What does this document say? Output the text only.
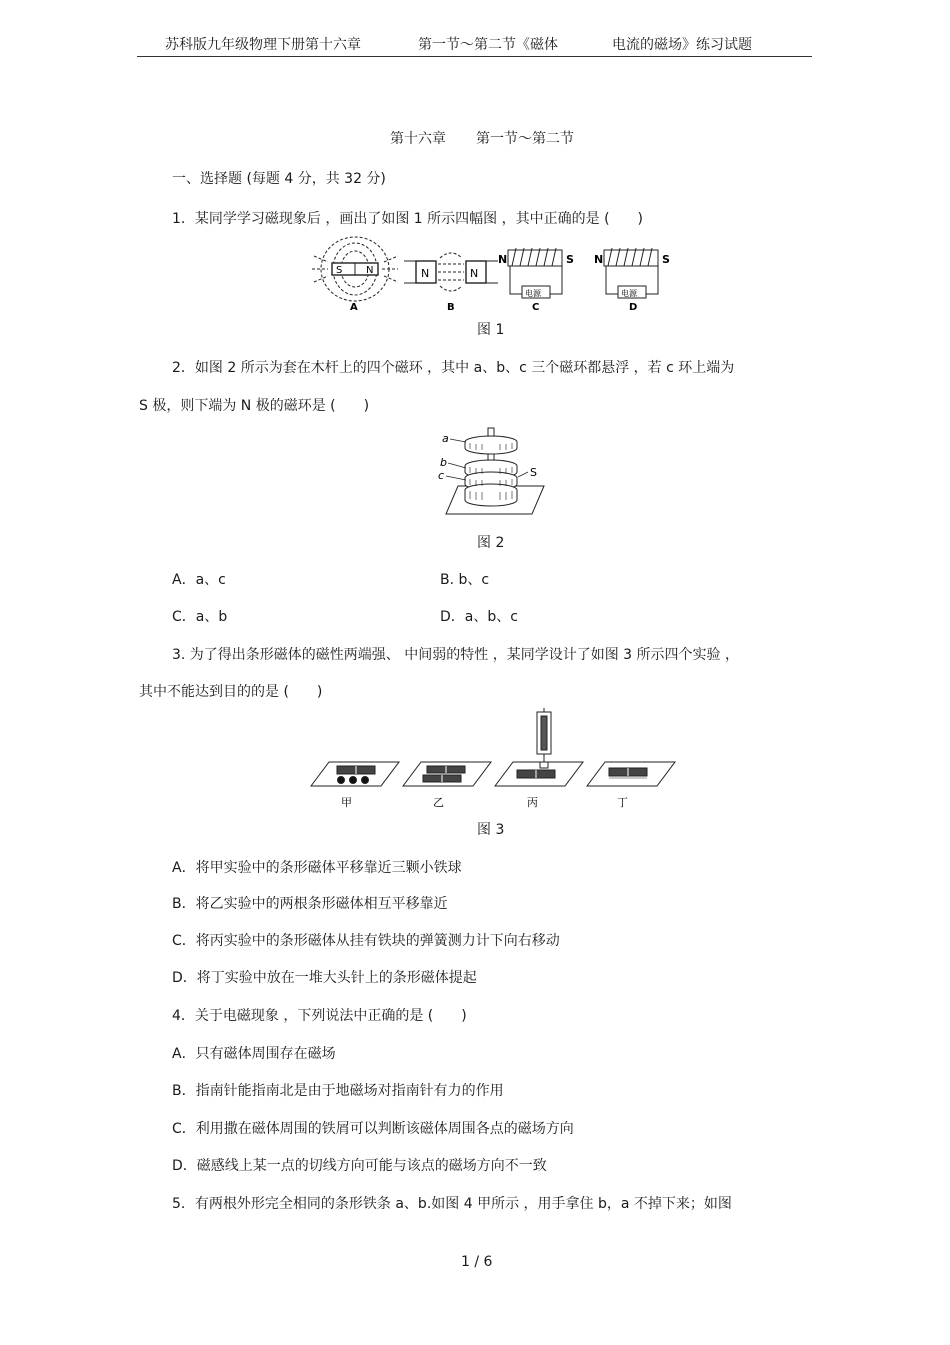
苏科版九年级物理下册第十六章	第一节～第二节《磁体	电流的磁场》练习试题
第十六章 第一节～第二节
一、选择题 (每题 4 分，共 32 分)
1．某同学学习磁现象后 ，画出了如图 1 所示四幅图 ，其中正确的是 (　　)
S N
A
N	N
B
N	S
电源
C
N	S
电源
D
图 1
2．如图 2 所示为套在木杆上的四个磁环 ，其中 a、b、c 三个磁环都悬浮 ，若 c 环上端为
S 极，则下端为 N 极的磁环是 (　　)
a
b
c	S
图 2
A．a、c	B. b、c
C．a、b	D．a、b、c
3. 为了得出条形磁体的磁性两端强、 中间弱的特性 ，某同学设计了如图 3 所示四个实验 ，
其中不能达到目的的是 (　　)
甲	乙	丙	丁
图 3
A．将甲实验中的条形磁体平移靠近三颗小铁球
B．将乙实验中的两根条形磁体相互平移靠近
C．将丙实验中的条形磁体从挂有铁块的弹簧测力计下向右移动
D．将丁实验中放在一堆大头针上的条形磁体提起
4．关于电磁现象 ，下列说法中正确的是 (　　)
A．只有磁体周围存在磁场
B．指南针能指南北是由于地磁场对指南针有力的作用
C．利用撒在磁体周围的铁屑可以判断该磁体周围各点的磁场方向
D．磁感线上某一点的切线方向可能与该点的磁场方向不一致
5．有两根外形完全相同的条形铁条 a、b.如图 4 甲所示 ，用手拿住 b，a 不掉下来；如图
1 / 6
